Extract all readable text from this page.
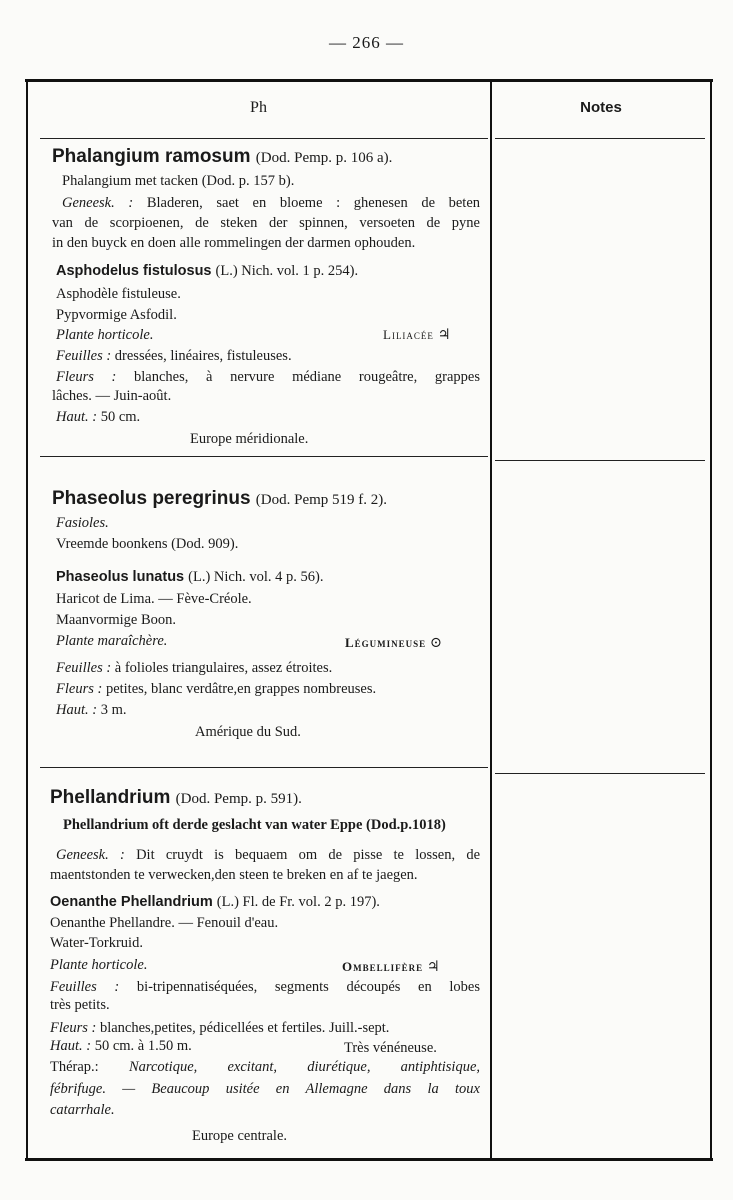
— 266 —
Ph	Notes
Phalangium ramosum (Dod. Pemp. p. 106 a).
Phalangium met tacken (Dod. p. 157 b).
Geneesk. : Bladeren, saet en bloeme : ghenesen de beten
van de scorpioenen, de steken der spinnen, versoeten de pyne
in den buyck en doen alle rommelingen der darmen ophouden.
Asphodelus fistulosus (L.) Nich. vol. 1 p. 254).
Asphodèle fistuleuse.
Pypvormige Asfodil.
Plante horticole.	Liliacée ♃
Feuilles : dressées, linéaires, fistuleuses.
Fleurs : blanches, à nervure médiane rougeâtre, grappes
lâches. — Juin-août.
Haut. : 50 cm.
Europe méridionale.
Phaseolus peregrinus (Dod. Pemp 519 f. 2).
Fasioles.
Vreemde boonkens (Dod. 909).
Phaseolus lunatus (L.) Nich. vol. 4 p. 56).
Haricot de Lima. — Fève-Créole.
Maanvormige Boon.
Plante maraîchère.	Légumineuse ⊙
Feuilles : à folioles triangulaires, assez étroites.
Fleurs : petites, blanc verdâtre,en grappes nombreuses.
Haut. : 3 m.
Amérique du Sud.
Phellandrium (Dod. Pemp. p. 591).
Phellandrium oft derde geslacht van water Eppe (Dod.p.1018)
Geneesk. : Dit cruydt is bequaem om de pisse te lossen, de
maentstonden te verwecken,den steen te breken en af te jaegen.
Oenanthe Phellandrium (L.) Fl. de Fr. vol. 2 p. 197).
Oenanthe Phellandre. — Fenouil d'eau.
Water-Torkruid.
Plante horticole.	Ombellifère ♃
Feuilles : bi-tripennatiséquées, segments découpés en lobes
très petits.
Fleurs : blanches,petites, pédicellées et fertiles. Juill.-sept.
Haut. : 50 cm. à 1.50 m.	Très vénéneuse.
Thérap.: Narcotique, excitant, diurétique, antiphtisique,
fébrifuge. — Beaucoup usitée en Allemagne dans la toux
catarrhale.
Europe centrale.
